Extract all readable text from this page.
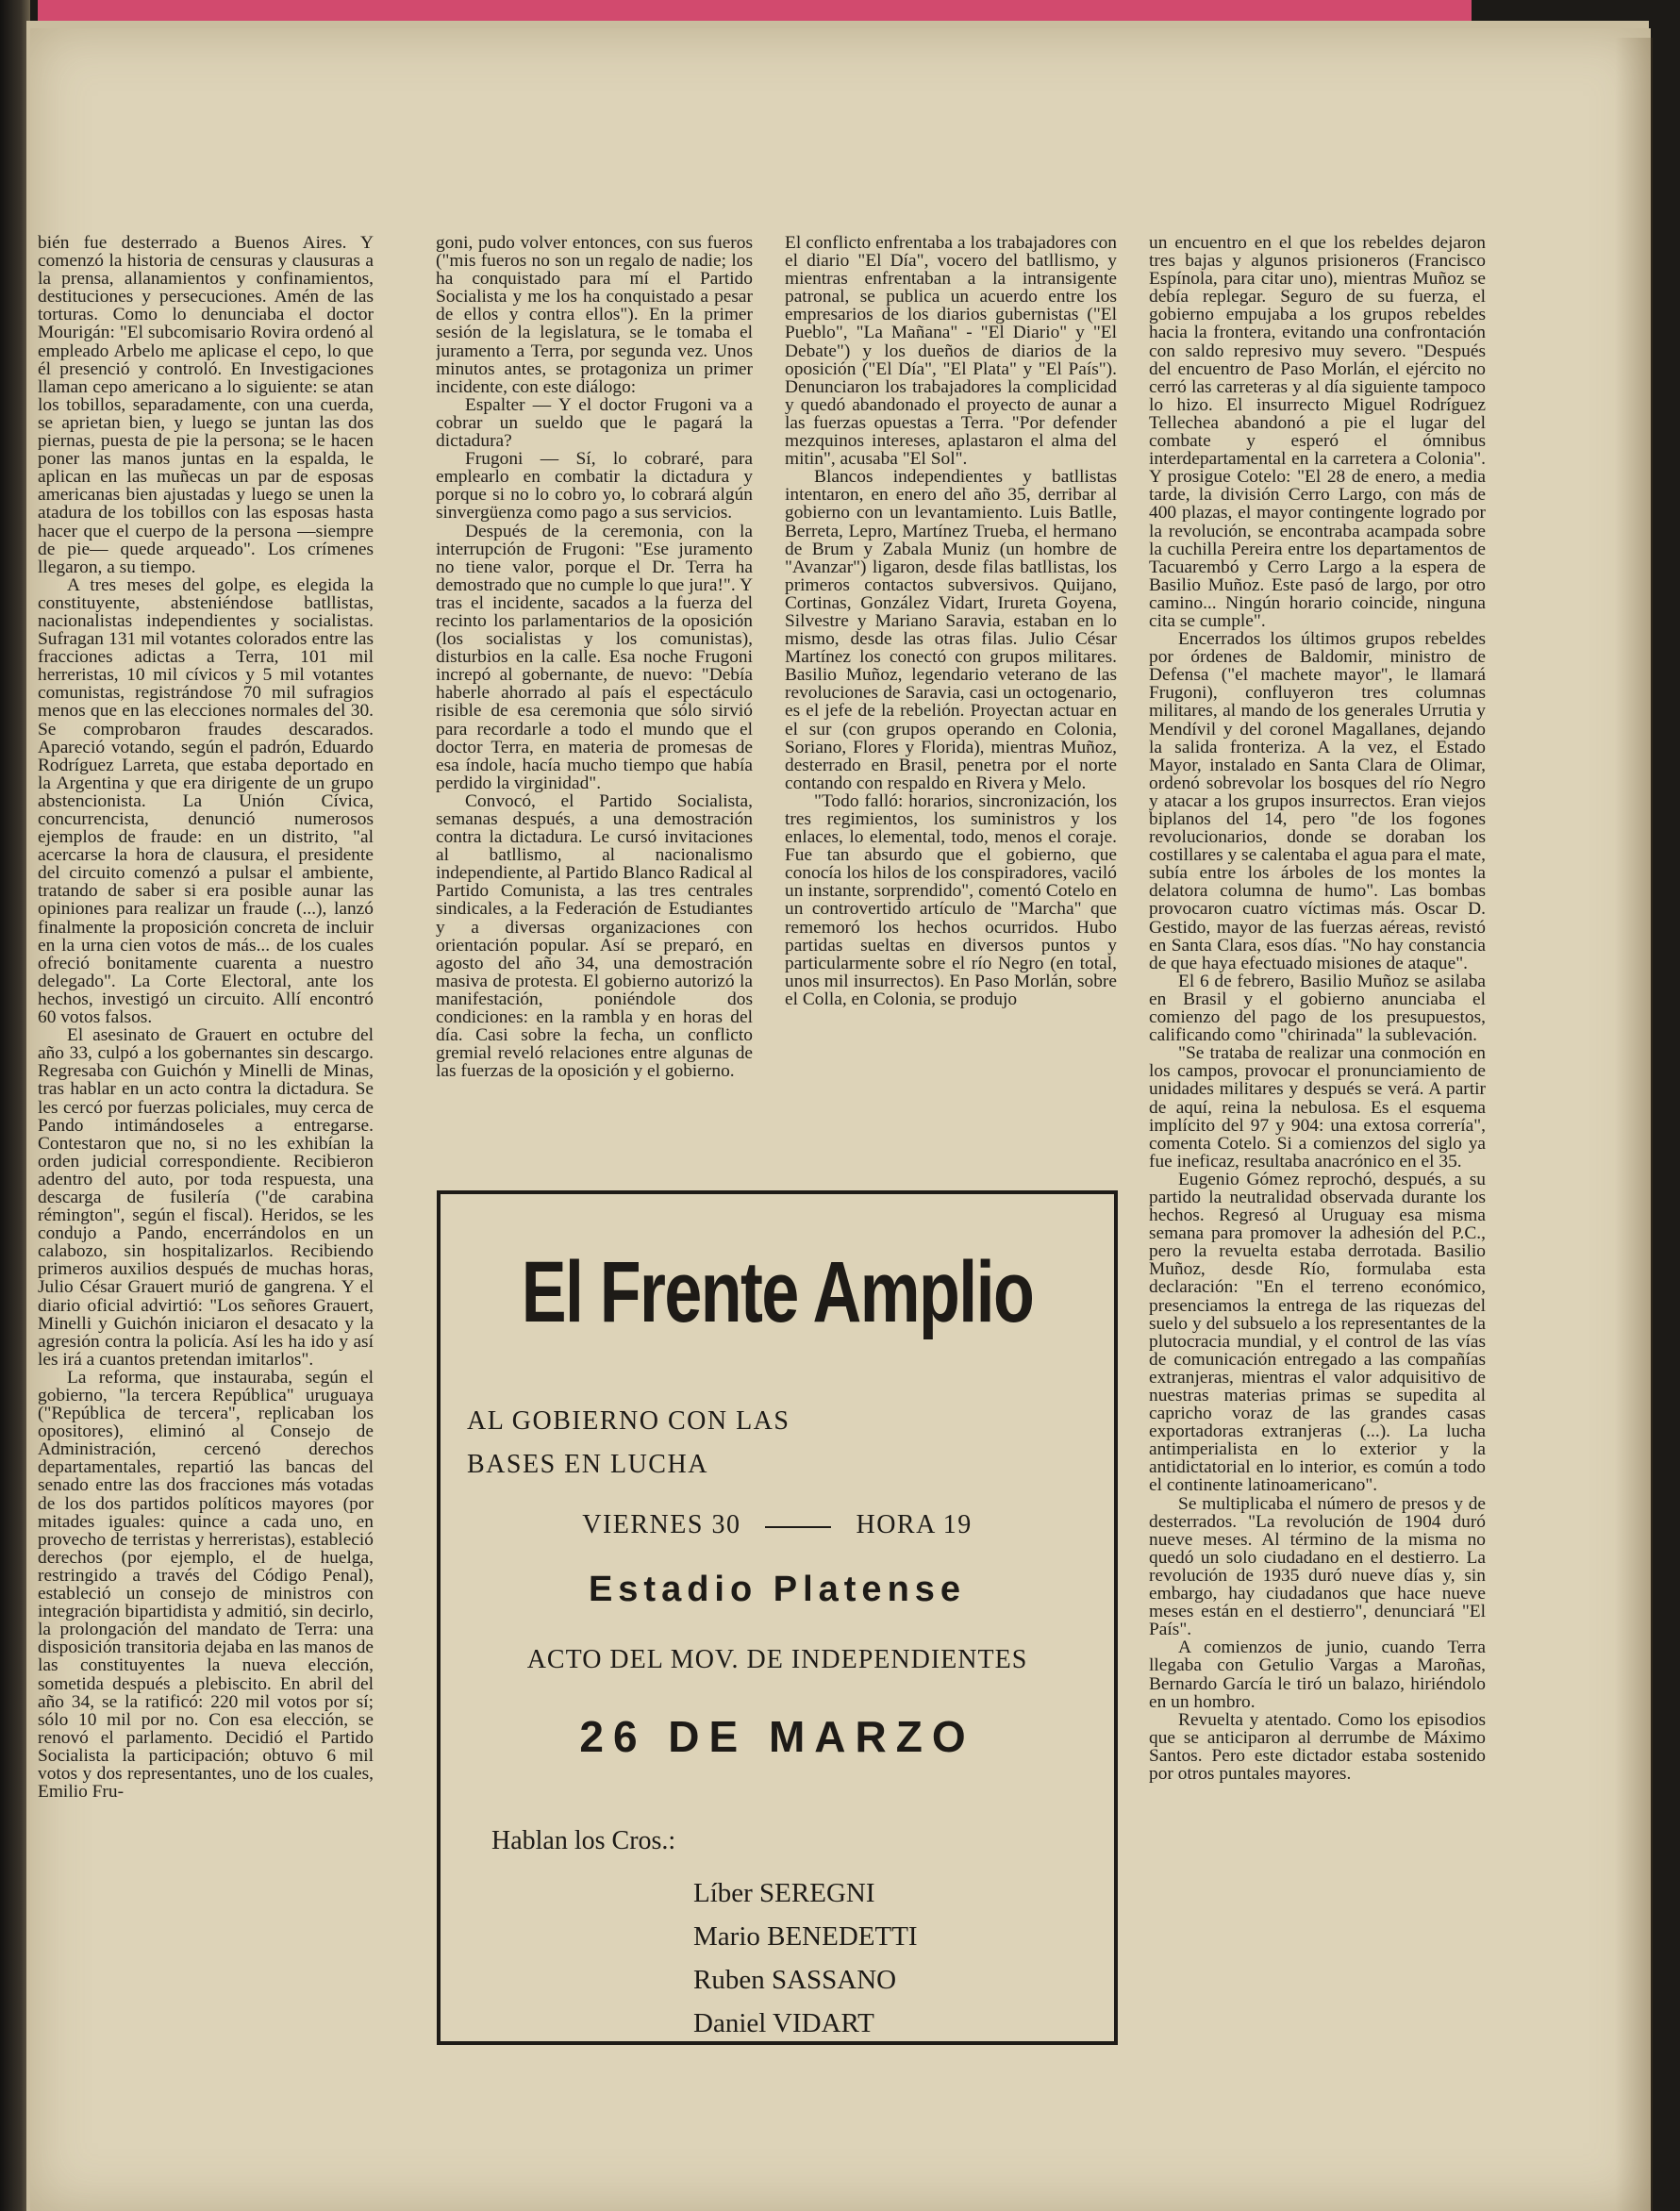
bién fue desterrado a Buenos Aires. Y comenzó la historia de censuras y clausuras a la prensa, allanamientos y confinamientos, destituciones y persecuciones. Amén de las torturas. Como lo denunciaba el doctor Mourigán: "El subcomisario Rovira ordenó al empleado Arbelo me aplicase el cepo, lo que él presenció y controló. En Investigaciones llaman cepo americano a lo siguiente: se atan los tobillos, separadamente, con una cuerda, se aprietan bien, y luego se juntan las dos piernas, puesta de pie la persona; se le hacen poner las manos juntas en la espalda, le aplican en las muñecas un par de esposas americanas bien ajustadas y luego se unen la atadura de los tobillos con las esposas hasta hacer que el cuerpo de la persona —siempre de pie— quede arqueado". Los crímenes llegaron, a su tiempo.

A tres meses del golpe, es elegida la constituyente, absteniéndose batllistas, nacionalistas independientes y socialistas. Sufragan 131 mil votantes colorados entre las fracciones adictas a Terra, 101 mil herreristas, 10 mil cívicos y 5 mil votantes comunistas, registrándose 70 mil sufragios menos que en las elecciones normales del 30. Se comprobaron fraudes descarados. Apareció votando, según el padrón, Eduardo Rodríguez Larreta, que estaba deportado en la Argentina y que era dirigente de un grupo abstencionista. La Unión Cívica, concurrencista, denunció numerosos ejemplos de fraude: en un distrito, "al acercarse la hora de clausura, el presidente del circuito comenzó a pulsar el ambiente, tratando de saber si era posible aunar las opiniones para realizar un fraude (...), lanzó finalmente la proposición concreta de incluir en la urna cien votos de más... de los cuales ofreció bonitamente cuarenta a nuestro delegado". La Corte Electoral, ante los hechos, investigó un circuito. Allí encontró 60 votos falsos.

El asesinato de Grauert en octubre del año 33, culpó a los gobernantes sin descargo. Regresaba con Guichón y Minelli de Minas, tras hablar en un acto contra la dictadura. Se les cercó por fuerzas policiales, muy cerca de Pando intimándoseles a entregarse. Contestaron que no, si no les exhibían la orden judicial correspondiente. Recibieron adentro del auto, por toda respuesta, una descarga de fusilería ("de carabina rémington", según el fiscal). Heridos, se les condujo a Pando, encerrándolos en un calabozo, sin hospitalizarlos. Recibiendo primeros auxilios después de muchas horas, Julio César Grauert murió de gangrena. Y el diario oficial advirtió: "Los señores Grauert, Minelli y Guichón iniciaron el desacato y la agresión contra la policía. Así les ha ido y así les irá a cuantos pretendan imitarlos".

La reforma, que instauraba, según el gobierno, "la tercera República" uruguaya ("República de tercera", replicaban los opositores), eliminó al Consejo de Administración, cercenó derechos departamentales, repartió las bancas del senado entre las dos fracciones más votadas de los dos partidos políticos mayores (por mitades iguales: quince a cada uno, en provecho de terristas y herreristas), estableció derechos (por ejemplo, el de huelga, restringido a través del Código Penal), estableció un consejo de ministros con integración bipartidista y admitió, sin decirlo, la prolongación del mandato de Terra: una disposición transitoria dejaba en las manos de las constituyentes la nueva elección, sometida después a plebiscito. En abril del año 34, se la ratificó: 220 mil votos por sí; sólo 10 mil por no. Con esa elección, se renovó el parlamento. Decidió el Partido Socialista la participación; obtuvo 6 mil votos y dos representantes, uno de los cuales, Emilio Fru-

goni, pudo volver entonces, con sus fueros ("mis fueros no son un regalo de nadie; los ha conquistado para mí el Partido Socialista y me los ha conquistado a pesar de ellos y contra ellos"). En la primer sesión de la legislatura, se le tomaba el juramento a Terra, por segunda vez. Unos minutos antes, se protagoniza un primer incidente, con este diálogo:

Espalter — Y el doctor Frugoni va a cobrar un sueldo que le pagará la dictadura?

Frugoni — Sí, lo cobraré, para emplearlo en combatir la dictadura y porque si no lo cobro yo, lo cobrará algún sinvergüenza como pago a sus servicios.

Después de la ceremonia, con la interrupción de Frugoni: "Ese juramento no tiene valor, porque el Dr. Terra ha demostrado que no cumple lo que jura!". Y tras el incidente, sacados a la fuerza del recinto los parlamentarios de la oposición (los socialistas y los comunistas), disturbios en la calle. Esa noche Frugoni increpó al gobernante, de nuevo: "Debía haberle ahorrado al país el espectáculo risible de esa ceremonia que sólo sirvió para recordarle a todo el mundo que el doctor Terra, en materia de promesas de esa índole, hacía mucho tiempo que había perdido la virginidad".

Convocó, el Partido Socialista, semanas después, a una demostración contra la dictadura. Le cursó invitaciones al batllismo, al nacionalismo independiente, al Partido Blanco Radical al Partido Comunista, a las tres centrales sindicales, a la Federación de Estudiantes y a diversas organizaciones con orientación popular. Así se preparó, en agosto del año 34, una demostración masiva de protesta. El gobierno autorizó la manifestación, poniéndole dos condiciones: en la rambla y en horas del día. Casi sobre la fecha, un conflicto gremial reveló relaciones entre algunas de las fuerzas de la oposición y el gobierno.

El conflicto enfrentaba a los trabajadores con el diario "El Día", vocero del batllismo, y mientras enfrentaban a la intransigente patronal, se publica un acuerdo entre los empresarios de los diarios gubernistas ("El Pueblo", "La Mañana" - "El Diario" y "El Debate") y los dueños de diarios de la oposición ("El Día", "El Plata" y "El País"). Denunciaron los trabajadores la complicidad y quedó abandonado el proyecto de aunar a las fuerzas opuestas a Terra. "Por defender mezquinos intereses, aplastaron el alma del mitin", acusaba "El Sol".

Blancos independientes y batllistas intentaron, en enero del año 35, derribar al gobierno con un levantamiento. Luis Batlle, Berreta, Lepro, Martínez Trueba, el hermano de Brum y Zabala Muniz (un hombre de "Avanzar") ligaron, desde filas batllistas, los primeros contactos subversivos. Quijano, Cortinas, González Vidart, Irureta Goyena, Silvestre y Mariano Saravia, estaban en lo mismo, desde las otras filas. Julio César Martínez los conectó con grupos militares. Basilio Muñoz, legendario veterano de las revoluciones de Saravia, casi un octogenario, es el jefe de la rebelión. Proyectan actuar en el sur (con grupos operando en Colonia, Soriano, Flores y Florida), mientras Muñoz, desterrado en Brasil, penetra por el norte contando con respaldo en Rivera y Melo.

"Todo falló: horarios, sincronización, los tres regimientos, los suministros y los enlaces, lo elemental, todo, menos el coraje. Fue tan absurdo que el gobierno, que conocía los hilos de los conspiradores, vaciló un instante, sorprendido", comentó Cotelo en un controvertido artículo de "Marcha" que rememoró los hechos ocurridos. Hubo partidas sueltas en diversos puntos y particularmente sobre el río Negro (en total, unos mil insurrectos). En Paso Morlán, sobre el Colla, en Colonia, se produjo

un encuentro en el que los rebeldes dejaron tres bajas y algunos prisioneros (Francisco Espínola, para citar uno), mientras Muñoz se debía replegar. Seguro de su fuerza, el gobierno empujaba a los grupos rebeldes hacia la frontera, evitando una confrontación con saldo represivo muy severo. "Después del encuentro de Paso Morlán, el ejército no cerró las carreteras y al día siguiente tampoco lo hizo. El insurrecto Miguel Rodríguez Tellechea abandonó a pie el lugar del combate y esperó el ómnibus interdepartamental en la carretera a Colonia". Y prosigue Cotelo: "El 28 de enero, a media tarde, la división Cerro Largo, con más de 400 plazas, el mayor contingente logrado por la revolución, se encontraba acampada sobre la cuchilla Pereira entre los departamentos de Tacuarembó y Cerro Largo a la espera de Basilio Muñoz. Este pasó de largo, por otro camino... Ningún horario coincide, ninguna cita se cumple".

Encerrados los últimos grupos rebeldes por órdenes de Baldomir, ministro de Defensa ("el machete mayor", le llamará Frugoni), confluyeron tres columnas militares, al mando de los generales Urrutia y Mendívil y del coronel Magallanes, dejando la salida fronteriza. A la vez, el Estado Mayor, instalado en Santa Clara de Olimar, ordenó sobrevolar los bosques del río Negro y atacar a los grupos insurrectos. Eran viejos biplanos del 14, pero "de los fogones revolucionarios, donde se doraban los costillares y se calentaba el agua para el mate, subía entre los árboles de los montes la delatora columna de humo". Las bombas provocaron cuatro víctimas más. Oscar D. Gestido, mayor de las fuerzas aéreas, revistó en Santa Clara, esos días. "No hay constancia de que haya efectuado misiones de ataque".

El 6 de febrero, Basilio Muñoz se asilaba en Brasil y el gobierno anunciaba el comienzo del pago de los presupuestos, calificando como "chirinada" la sublevación.

"Se trataba de realizar una conmoción en los campos, provocar el pronunciamiento de unidades militares y después se verá. A partir de aquí, reina la nebulosa. Es el esquema implícito del 97 y 904: una extosa correría", comenta Cotelo. Si a comienzos del siglo ya fue ineficaz, resultaba anacrónico en el 35.

Eugenio Gómez reprochó, después, a su partido la neutralidad observada durante los hechos. Regresó al Uruguay esa misma semana para promover la adhesión del P.C., pero la revuelta estaba derrotada. Basilio Muñoz, desde Río, formulaba esta declaración: "En el terreno económico, presenciamos la entrega de las riquezas del suelo y del subsuelo a los representantes de la plutocracia mundial, y el control de las vías de comunicación entregado a las compañías extranjeras, mientras el valor adquisitivo de nuestras materias primas se supedita al capricho voraz de las grandes casas exportadoras extranjeras (...). La lucha antimperialista en lo exterior y la antidictatorial en lo interior, es común a todo el continente latinoamericano".

Se multiplicaba el número de presos y de desterrados. "La revolución de 1904 duró nueve meses. Al término de la misma no quedó un solo ciudadano en el destierro. La revolución de 1935 duró nueve días y, sin embargo, hay ciudadanos que hace nueve meses están en el destierro", denunciará "El País".

A comienzos de junio, cuando Terra llegaba con Getulio Vargas a Maroñas, Bernardo García le tiró un balazo, hiriéndolo en un hombro.

Revuelta y atentado. Como los episodios que se anticiparon al derrumbe de Máximo Santos. Pero este dictador estaba sostenido por otros puntales mayores.

El Frente Amplio
AL GOBIERNO CON LAS
BASES EN LUCHA
VIERNES 30	HORA 19
Estadio Platense
ACTO DEL MOV. DE INDEPENDIENTES
26 DE MARZO
Hablan los Cros.:
Líber SEREGNI
Mario BENEDETTI
Ruben SASSANO
Daniel VIDART
